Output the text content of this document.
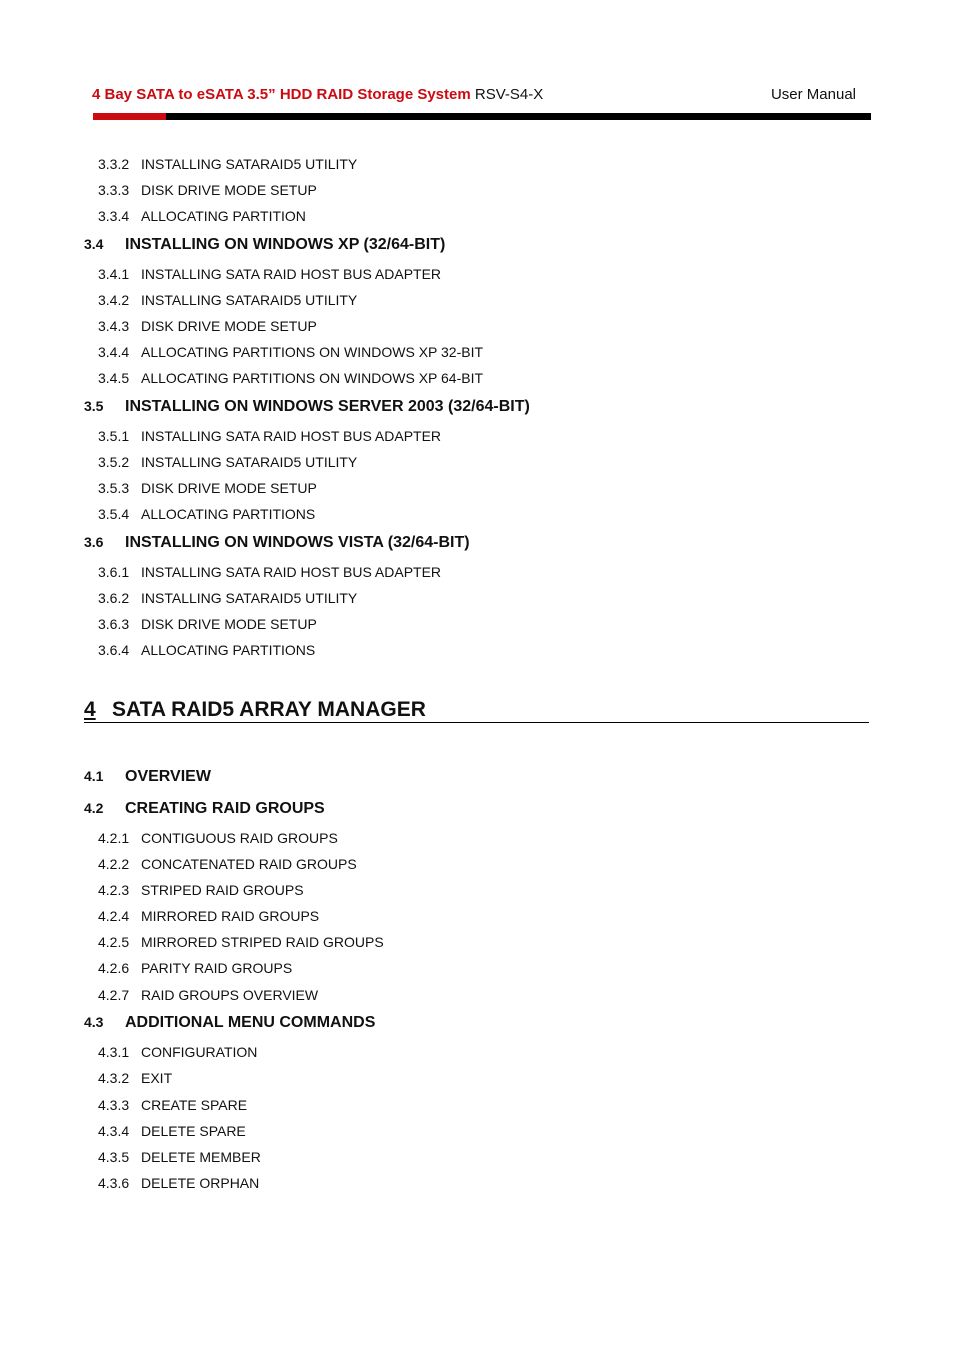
4 Bay SATA to eSATA 3.5” HDD RAID Storage System RSV-S4-X	User Manual
3.3.2 INSTALLING SATARAID5 UTILITY
3.3.3 DISK DRIVE MODE SETUP
3.3.4 ALLOCATING PARTITION
3.4 INSTALLING ON WINDOWS XP (32/64-BIT)
3.4.1 INSTALLING SATA RAID HOST BUS ADAPTER
3.4.2 INSTALLING SATARAID5 UTILITY
3.4.3 DISK DRIVE MODE SETUP
3.4.4 ALLOCATING PARTITIONS ON WINDOWS XP 32-BIT
3.4.5 ALLOCATING PARTITIONS ON WINDOWS XP 64-BIT
3.5 INSTALLING ON WINDOWS SERVER 2003 (32/64-BIT)
3.5.1 INSTALLING SATA RAID HOST BUS ADAPTER
3.5.2 INSTALLING SATARAID5 UTILITY
3.5.3 DISK DRIVE MODE SETUP
3.5.4 ALLOCATING PARTITIONS
3.6 INSTALLING ON WINDOWS VISTA (32/64-BIT)
3.6.1 INSTALLING SATA RAID HOST BUS ADAPTER
3.6.2 INSTALLING SATARAID5 UTILITY
3.6.3 DISK DRIVE MODE SETUP
3.6.4 ALLOCATING PARTITIONS
4 SATA RAID5 ARRAY MANAGER
4.1 OVERVIEW
4.2 CREATING RAID GROUPS
4.2.1 CONTIGUOUS RAID GROUPS
4.2.2 CONCATENATED RAID GROUPS
4.2.3 STRIPED RAID GROUPS
4.2.4 MIRRORED RAID GROUPS
4.2.5 MIRRORED STRIPED RAID GROUPS
4.2.6 PARITY RAID GROUPS
4.2.7 RAID GROUPS OVERVIEW
4.3 ADDITIONAL MENU COMMANDS
4.3.1 CONFIGURATION
4.3.2 EXIT
4.3.3 CREATE SPARE
4.3.4 DELETE SPARE
4.3.5 DELETE MEMBER
4.3.6 DELETE ORPHAN
